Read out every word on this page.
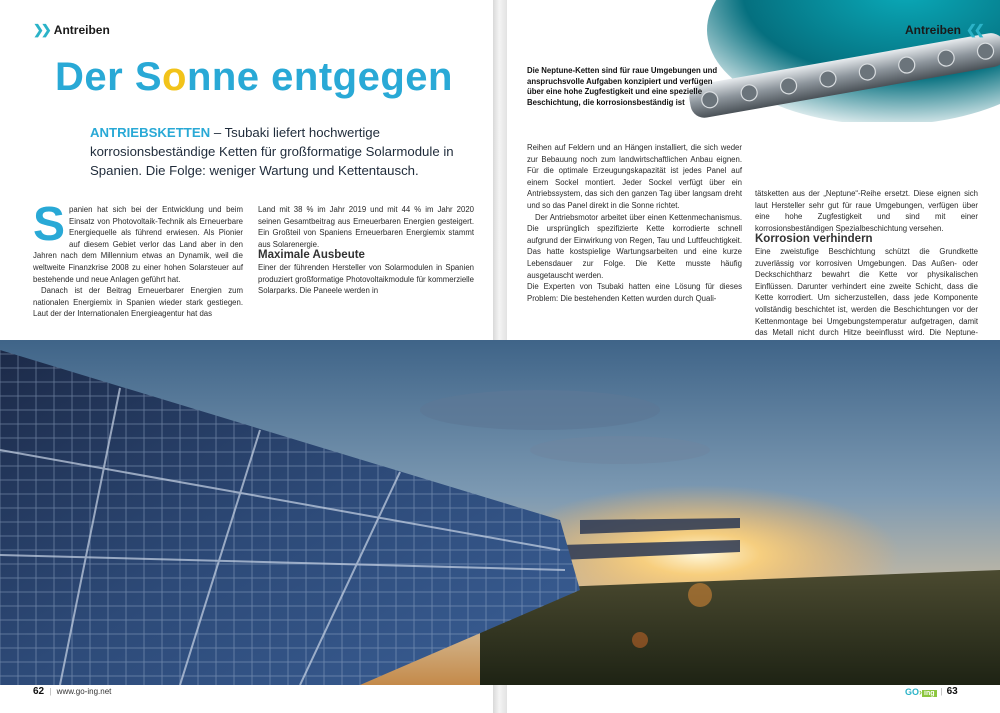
❯❯ Antreiben
Der Sonne entgegen
ANTRIEBSKETTEN – Tsubaki liefert hochwertige korrosionsbeständige Ketten für großformatige Solarmodule in Spanien. Die Folge: weniger Wartung und Kettentausch.

Spanien hat sich bei der Entwicklung und beim Einsatz von Photovoltaik-Technik als Erneuerbare Energiequelle als führend erwiesen. Als Pionier auf diesem Gebiet verlor das Land aber in den Jahren nach dem Millennium etwas an Dynamik, weil die weltweite Finanzkrise 2008 zu einer hohen Solarsteuer auf bestehende und neue Anlagen geführt hat.

Danach ist der Beitrag Erneuerbarer Energien zum nationalen Energiemix in Spanien wieder stark gestiegen. Laut der der Internationalen Energieagentur hat das

Land mit 38 % im Jahr 2019 und mit 44 % im Jahr 2020 seinen Gesamtbeitrag aus Erneuerbaren Energien gesteigert. Ein Großteil von Spaniens Erneuerbaren Energiemix stammt aus Solarenergie.

Maximale Ausbeute

Einer der führenden Hersteller von Solarmodulen in Spanien produziert großformatige Photovoltaikmodule für kommerzielle Solarparks. Die Paneele werden in

62 | www.go-ing.net
Antreiben ❮❮
Die Neptune-Ketten sind für raue Umgebungen und anspruchsvolle Aufgaben konzipiert und verfügen über eine hohe Zugfestigkeit und eine spezielle Beschichtung, die korrosionsbeständig ist

Reihen auf Feldern und an Hängen installiert, die sich weder zur Bebauung noch zum landwirtschaftlichen Anbau eignen. Für die optimale Erzeugungskapazität ist jedes Panel auf einem Sockel montiert. Jeder Sockel verfügt über ein Antriebssystem, das sich den ganzen Tag über langsam dreht und so das Panel direkt in die Sonne richtet.

Der Antriebsmotor arbeitet über einen Kettenmechanismus. Die ursprünglich spezifizierte Kette korrodierte schnell aufgrund der Einwirkung von Regen, Tau und Luftfeuchtigkeit. Das hatte kostspielige Wartungsarbeiten und eine kurze Lebensdauer zur Folge. Die Kette musste häufig ausgetauscht werden.

Die Experten von Tsubaki hatten eine Lösung für dieses Problem: Die bestehenden Ketten wurden durch Quali-

tätsketten aus der „Neptune“-Reihe ersetzt. Diese eignen sich laut Hersteller sehr gut für raue Umgebungen, verfügen über eine hohe Zugfestigkeit und sind mit einer korrosionsbeständigen Spezialbeschichtung versehen.

Korrosion verhindern

Eine zweistufige Beschichtung schützt die Grundkette zuverlässig vor korrosiven Umgebungen. Das Außen- oder Deckschichtharz bewahrt die Kette vor physikalischen Einflüssen. Darunter verhindert eine zweite Schicht, dass die Kette korrodiert. Um sicherzustellen, dass jede Komponente vollständig beschichtet ist, werden die Beschichtungen vor der Kettenmontage bei Umgebungstemperatur aufgetragen, damit das Metall nicht durch Hitze beeinflusst wird. Die Neptune-

GO› ing | 63
